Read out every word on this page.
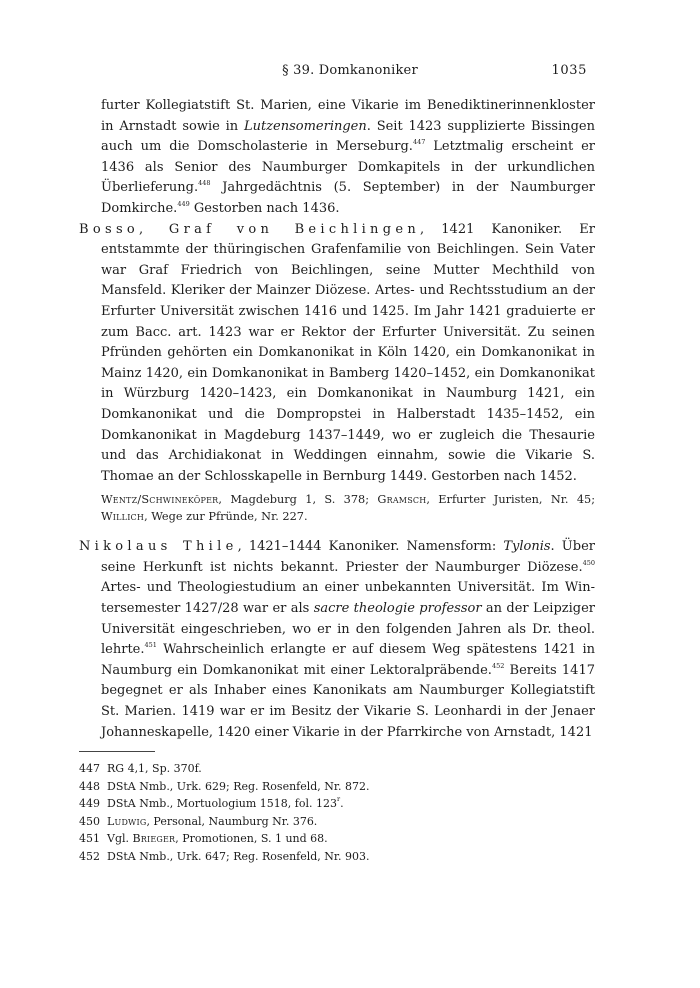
§ 39. Domkanoniker	1035

furter Kollegiatstift St. Marien, eine Vikarie im Benediktinerinnenkloster in Arnstadt sowie in Lutzensomeringen. Seit 1423 supplizierte Bissingen auch um die Domscholasterie in Merseburg.$^{447}$ Letztmalig erscheint er 1436 als Senior des Naumburger Domkapitels in der urkundlichen Überlieferung.$^{448}$ Jahrgedächtnis (5. September) in der Naumburger Domkirche.$^{449}$ Gestorben nach 1436.

Bosso, Graf von Beichlingen, 1421 Kanoniker. Er entstammte der thüringischen Grafenfamilie von Beichlingen. Sein Vater war Graf Friedrich von Beichlingen, seine Mutter Mechthild von Mansfeld. Kleriker der Mainzer Diözese. Artes- und Rechtsstudium an der Erfurter Universität zwischen 1416 und 1425. Im Jahr 1421 graduierte er zum Bacc. art. 1423 war er Rektor der Erfurter Universität. Zu seinen Pfründen gehörten ein Domkanonikat in Köln 1420, ein Domkanonikat in Mainz 1420, ein Domkanonikat in Bamberg 1420–1452, ein Domkanonikat in Würzburg 1420–1423, ein Domkanonikat in Naumburg 1421, ein Domkanonikat und die Dompropstei in Halberstadt 1435–1452, ein Domkanonikat in Magdeburg 1437–1449, wo er zugleich die Thesaurie und das Archidiakonat in Weddingen einnahm, sowie die Vikarie S. Thomae an der Schlosskapelle in Bernburg 1449. Gestorben nach 1452.

Wentz/Schwineköper, Magdeburg 1, S. 378; Gramsch, Erfurter Juristen, Nr. 45; Willich, Wege zur Pfründe, Nr. 227.

Nikolaus Thile, 1421–1444 Kanoniker. Namensform: Tylonis. Über seine Herkunft ist nichts bekannt. Priester der Naumburger Diözese.$^{450}$ Artes- und Theologiestudium an einer unbekannten Universität. Im Wintersemester 1427/28 war er als sacre theologie professor an der Leipziger Universität eingeschrieben, wo er in den folgenden Jahren als Dr. theol. lehrte.$^{451}$ Wahrscheinlich erlangte er auf diesem Weg spätestens 1421 in Naumburg ein Domkanonikat mit einer Lektoralpräbende.$^{452}$ Bereits 1417 begegnet er als Inhaber eines Kanonikats am Naumburger Kollegiatstift St. Marien. 1419 war er im Besitz der Vikarie S. Leonhardi in der Jenaer Johanneskapelle, 1420 einer Vikarie in der Pfarrkirche von Arnstadt, 1421

447 RG 4,1, Sp. 370f.
448 DStA Nmb., Urk. 629; Reg. Rosenfeld, Nr. 872.
449 DStA Nmb., Mortuologium 1518, fol. 123$^r$.
450 Ludwig, Personal, Naumburg Nr. 376.
451 Vgl. Brieger, Promotionen, S. 1 und 68.
452 DStA Nmb., Urk. 647; Reg. Rosenfeld, Nr. 903.
